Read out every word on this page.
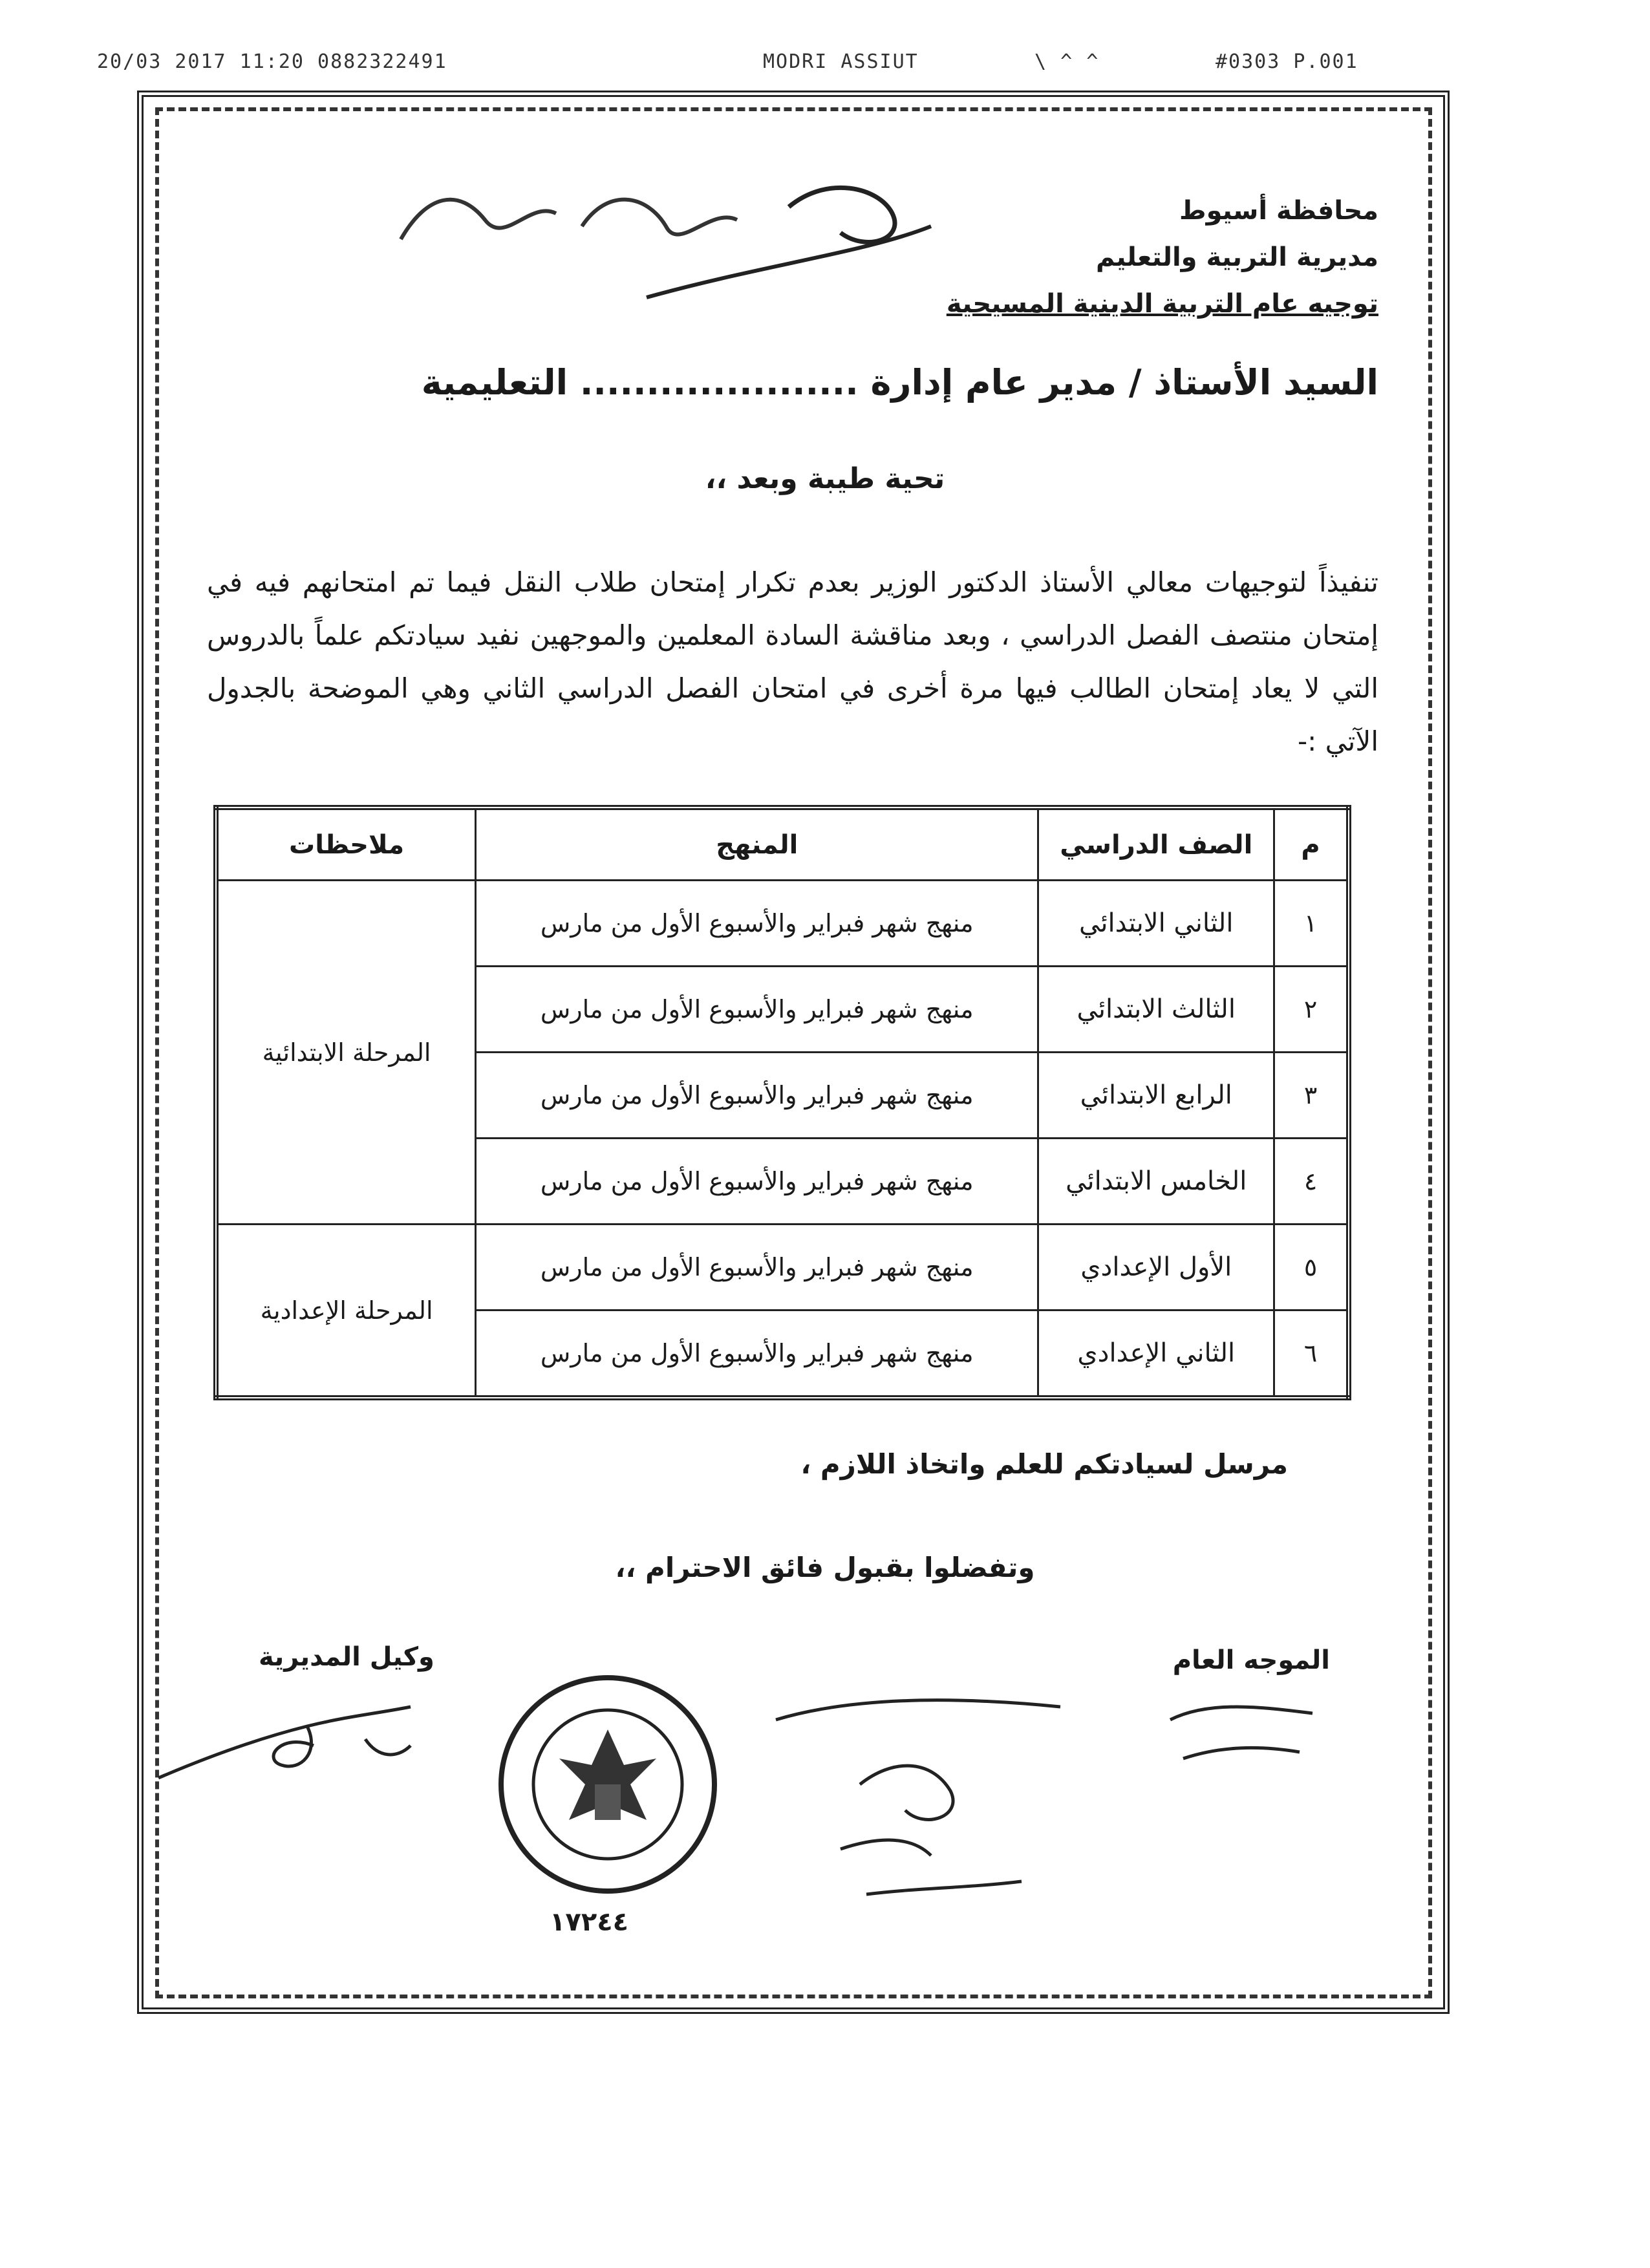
20/03 2017 11:20 0882322491	MODRI ASSIUT	\ ^ ^	#0303 P.001
محافظة أسيوط
مديرية التربية والتعليم
توجيه عام التربية الدينية المسيحية
السيد الأستاذ / مدير عام إدارة ..................... التعليمية
تحية طيبة وبعد ،،

تنفيذاً لتوجيهات معالي الأستاذ الدكتور الوزير بعدم تكرار إمتحان طلاب النقل فيما تم امتحانهم فيه في إمتحان منتصف الفصل الدراسي ، وبعد مناقشة السادة المعلمين والموجهين نفيد سيادتكم علماً بالدروس التي لا يعاد إمتحان الطالب فيها مرة أخرى في امتحان الفصل الدراسي الثاني وهي الموضحة بالجدول الآتي :-

م	الصف الدراسي	المنهج	ملاحظات
١	الثاني الابتدائي	منهج شهر فبراير والأسبوع الأول من مارس	المرحلة الابتدائية
٢	الثالث الابتدائي	منهج شهر فبراير والأسبوع الأول من مارس	
٣	الرابع الابتدائي	منهج شهر فبراير والأسبوع الأول من مارس	
٤	الخامس الابتدائي	منهج شهر فبراير والأسبوع الأول من مارس	
٥	الأول الإعدادي	منهج شهر فبراير والأسبوع الأول من مارس	المرحلة الإعدادية
٦	الثاني الإعدادي	منهج شهر فبراير والأسبوع الأول من مارس	
مرسل لسيادتكم للعلم واتخاذ اللازم ،
وتفضلوا بقبول فائق الاحترام ،،
الموجه العام
وكيل المديرية
١٧٢٤٤
